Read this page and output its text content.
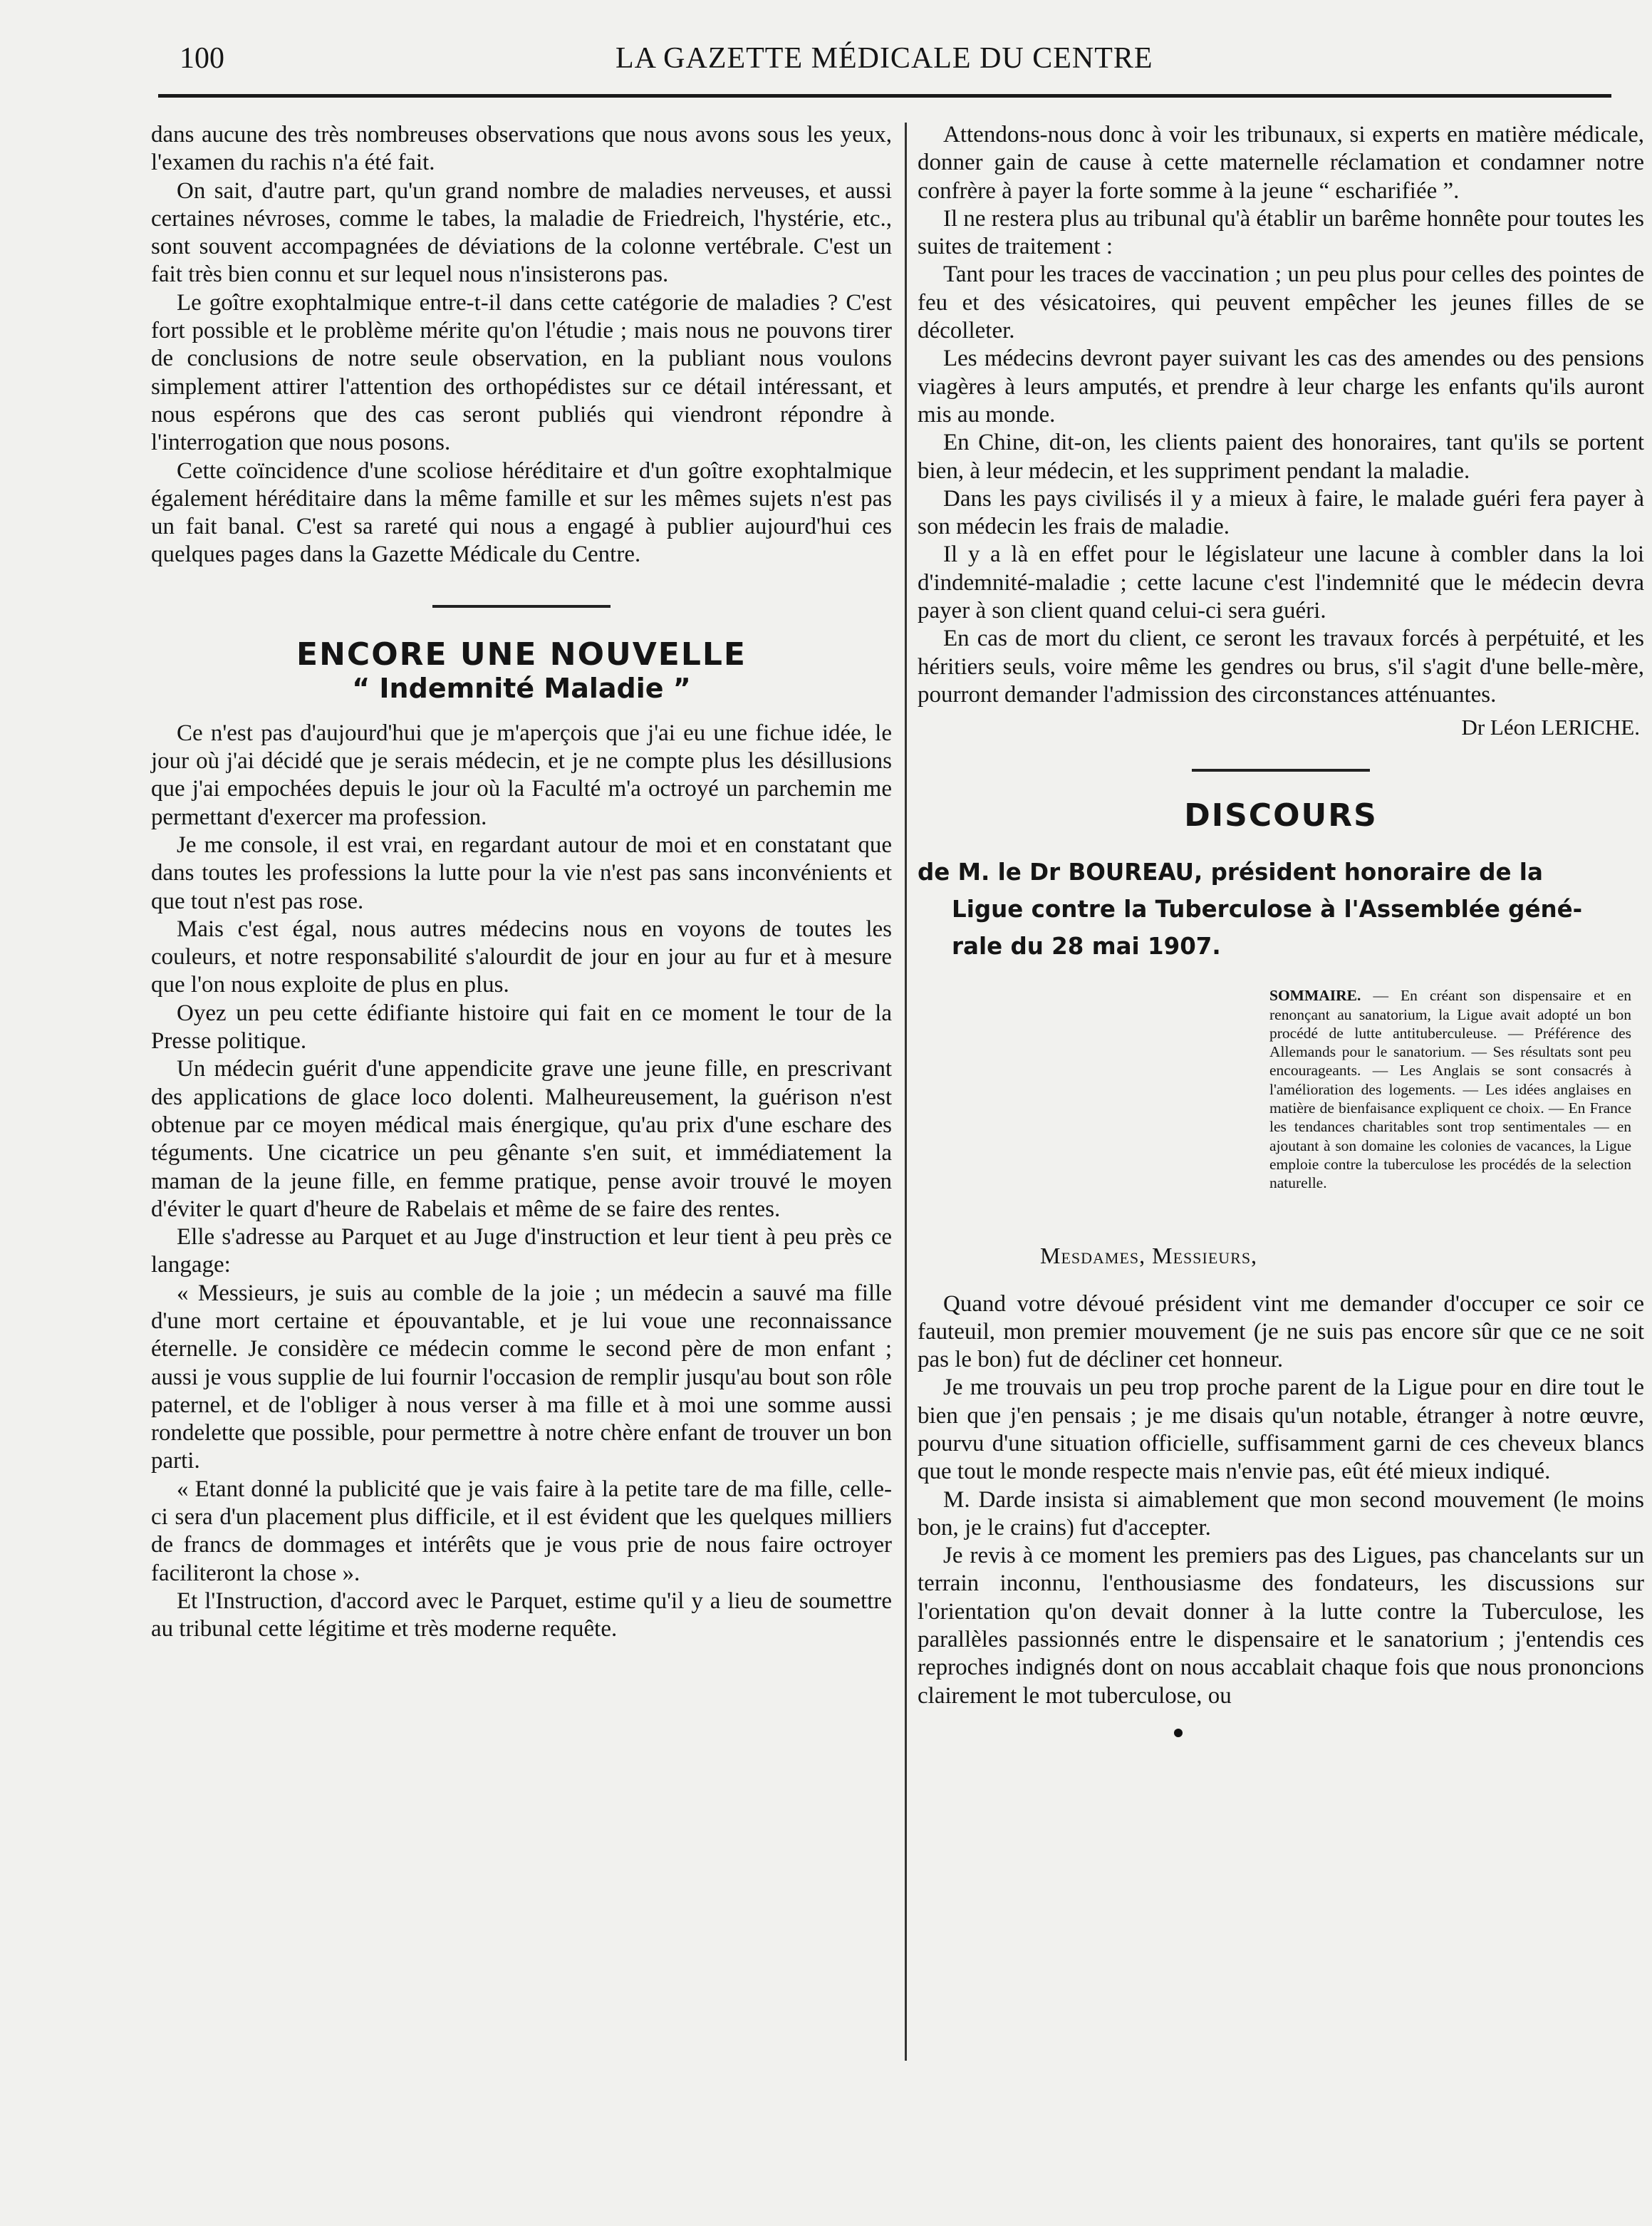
100	LA GAZETTE MÉDICALE DU CENTRE

dans aucune des très nombreuses observations que nous avons sous les yeux, l'examen du rachis n'a été fait.

On sait, d'autre part, qu'un grand nombre de maladies nerveuses, et aussi certaines névroses, comme le tabes, la maladie de Friedreich, l'hystérie, etc., sont souvent accompagnées de déviations de la colonne vertébrale. C'est un fait très bien connu et sur lequel nous n'insisterons pas.

Le goître exophtalmique entre-t-il dans cette catégorie de maladies ? C'est fort possible et le problème mérite qu'on l'étudie ; mais nous ne pouvons tirer de conclusions de notre seule observation, en la publiant nous voulons simplement attirer l'attention des orthopédistes sur ce détail intéressant, et nous espérons que des cas seront publiés qui viendront répondre à l'interrogation que nous posons.

Cette coïncidence d'une scoliose héréditaire et d'un goître exophtalmique également héréditaire dans la même famille et sur les mêmes sujets n'est pas un fait banal. C'est sa rareté qui nous a engagé à publier aujourd'hui ces quelques pages dans la Gazette Médicale du Centre.

ENCORE UNE NOUVELLE
“ Indemnité Maladie ”

Ce n'est pas d'aujourd'hui que je m'aperçois que j'ai eu une fichue idée, le jour où j'ai décidé que je serais médecin, et je ne compte plus les désillusions que j'ai empochées depuis le jour où la Faculté m'a octroyé un parchemin me permettant d'exercer ma profession.

Je me console, il est vrai, en regardant autour de moi et en constatant que dans toutes les professions la lutte pour la vie n'est pas sans inconvénients et que tout n'est pas rose.

Mais c'est égal, nous autres médecins nous en voyons de toutes les couleurs, et notre responsabilité s'alourdit de jour en jour au fur et à mesure que l'on nous exploite de plus en plus.

Oyez un peu cette édifiante histoire qui fait en ce moment le tour de la Presse politique.

Un médecin guérit d'une appendicite grave une jeune fille, en prescrivant des applications de glace loco dolenti. Malheureusement, la guérison n'est obtenue par ce moyen médical mais énergique, qu'au prix d'une eschare des téguments. Une cicatrice un peu gênante s'en suit, et immédiatement la maman de la jeune fille, en femme pratique, pense avoir trouvé le moyen d'éviter le quart d'heure de Rabelais et même de se faire des rentes.

Elle s'adresse au Parquet et au Juge d'instruction et leur tient à peu près ce langage:

« Messieurs, je suis au comble de la joie ; un médecin a sauvé ma fille d'une mort certaine et épouvantable, et je lui voue une reconnaissance éternelle. Je considère ce médecin comme le second père de mon enfant ; aussi je vous supplie de lui fournir l'occasion de remplir jusqu'au bout son rôle paternel, et de l'obliger à nous verser à ma fille et à moi une somme aussi rondelette que possible, pour permettre à notre chère enfant de trouver un bon parti.

« Etant donné la publicité que je vais faire à la petite tare de ma fille, celle-ci sera d'un placement plus difficile, et il est évident que les quelques milliers de francs de dommages et intérêts que je vous prie de nous faire octroyer faciliteront la chose ».

Et l'Instruction, d'accord avec le Parquet, estime qu'il y a lieu de soumettre au tribunal cette légitime et très moderne requête.

Attendons-nous donc à voir les tribunaux, si experts en matière médicale, donner gain de cause à cette maternelle réclamation et condamner notre confrère à payer la forte somme à la jeune “ escharifiée ”.

Il ne restera plus au tribunal qu'à établir un barême honnête pour toutes les suites de traitement :

Tant pour les traces de vaccination ; un peu plus pour celles des pointes de feu et des vésicatoires, qui peuvent empêcher les jeunes filles de se décolleter.

Les médecins devront payer suivant les cas des amendes ou des pensions viagères à leurs amputés, et prendre à leur charge les enfants qu'ils auront mis au monde.

En Chine, dit-on, les clients paient des honoraires, tant qu'ils se portent bien, à leur médecin, et les suppriment pendant la maladie.

Dans les pays civilisés il y a mieux à faire, le malade guéri fera payer à son médecin les frais de maladie.

Il y a là en effet pour le législateur une lacune à combler dans la loi d'indemnité-maladie ; cette lacune c'est l'indemnité que le médecin devra payer à son client quand celui-ci sera guéri.

En cas de mort du client, ce seront les travaux forcés à perpétuité, et les héritiers seuls, voire même les gendres ou brus, s'il s'agit d'une belle-mère, pourront demander l'admission des circonstances atténuantes.

Dr Léon LERICHE.
DISCOURS
de M. le Dr BOUREAU, président honoraire de la
Ligue contre la Tuberculose à l'Assemblée géné-
rale du 28 mai 1907.
SOMMAIRE. — En créant son dispensaire et en renonçant au sanatorium, la Ligue avait adopté un bon procédé de lutte antituberculeuse. — Préférence des Allemands pour le sanatorium. — Ses résultats sont peu encourageants. — Les Anglais se sont consacrés à l'amélioration des logements. — Les idées anglaises en matière de bienfaisance expliquent ce choix. — En France les tendances charitables sont trop sentimentales — en ajoutant à son domaine les colonies de vacances, la Ligue emploie contre la tuberculose les procédés de la selection naturelle.
Mesdames, Messieurs,

Quand votre dévoué président vint me demander d'occuper ce soir ce fauteuil, mon premier mouvement (je ne suis pas encore sûr que ce ne soit pas le bon) fut de décliner cet honneur.

Je me trouvais un peu trop proche parent de la Ligue pour en dire tout le bien que j'en pensais ; je me disais qu'un notable, étranger à notre œuvre, pourvu d'une situation officielle, suffisamment garni de ces cheveux blancs que tout le monde respecte mais n'envie pas, eût été mieux indiqué.

M. Darde insista si aimablement que mon second mouvement (le moins bon, je le crains) fut d'accepter.

Je revis à ce moment les premiers pas des Ligues, pas chancelants sur un terrain inconnu, l'enthousiasme des fondateurs, les discussions sur l'orientation qu'on devait donner à la lutte contre la Tuberculose, les parallèles passionnés entre le dispensaire et le sanatorium ; j'entendis ces reproches indignés dont on nous accablait chaque fois que nous prononcions clairement le mot tuberculose, ou
